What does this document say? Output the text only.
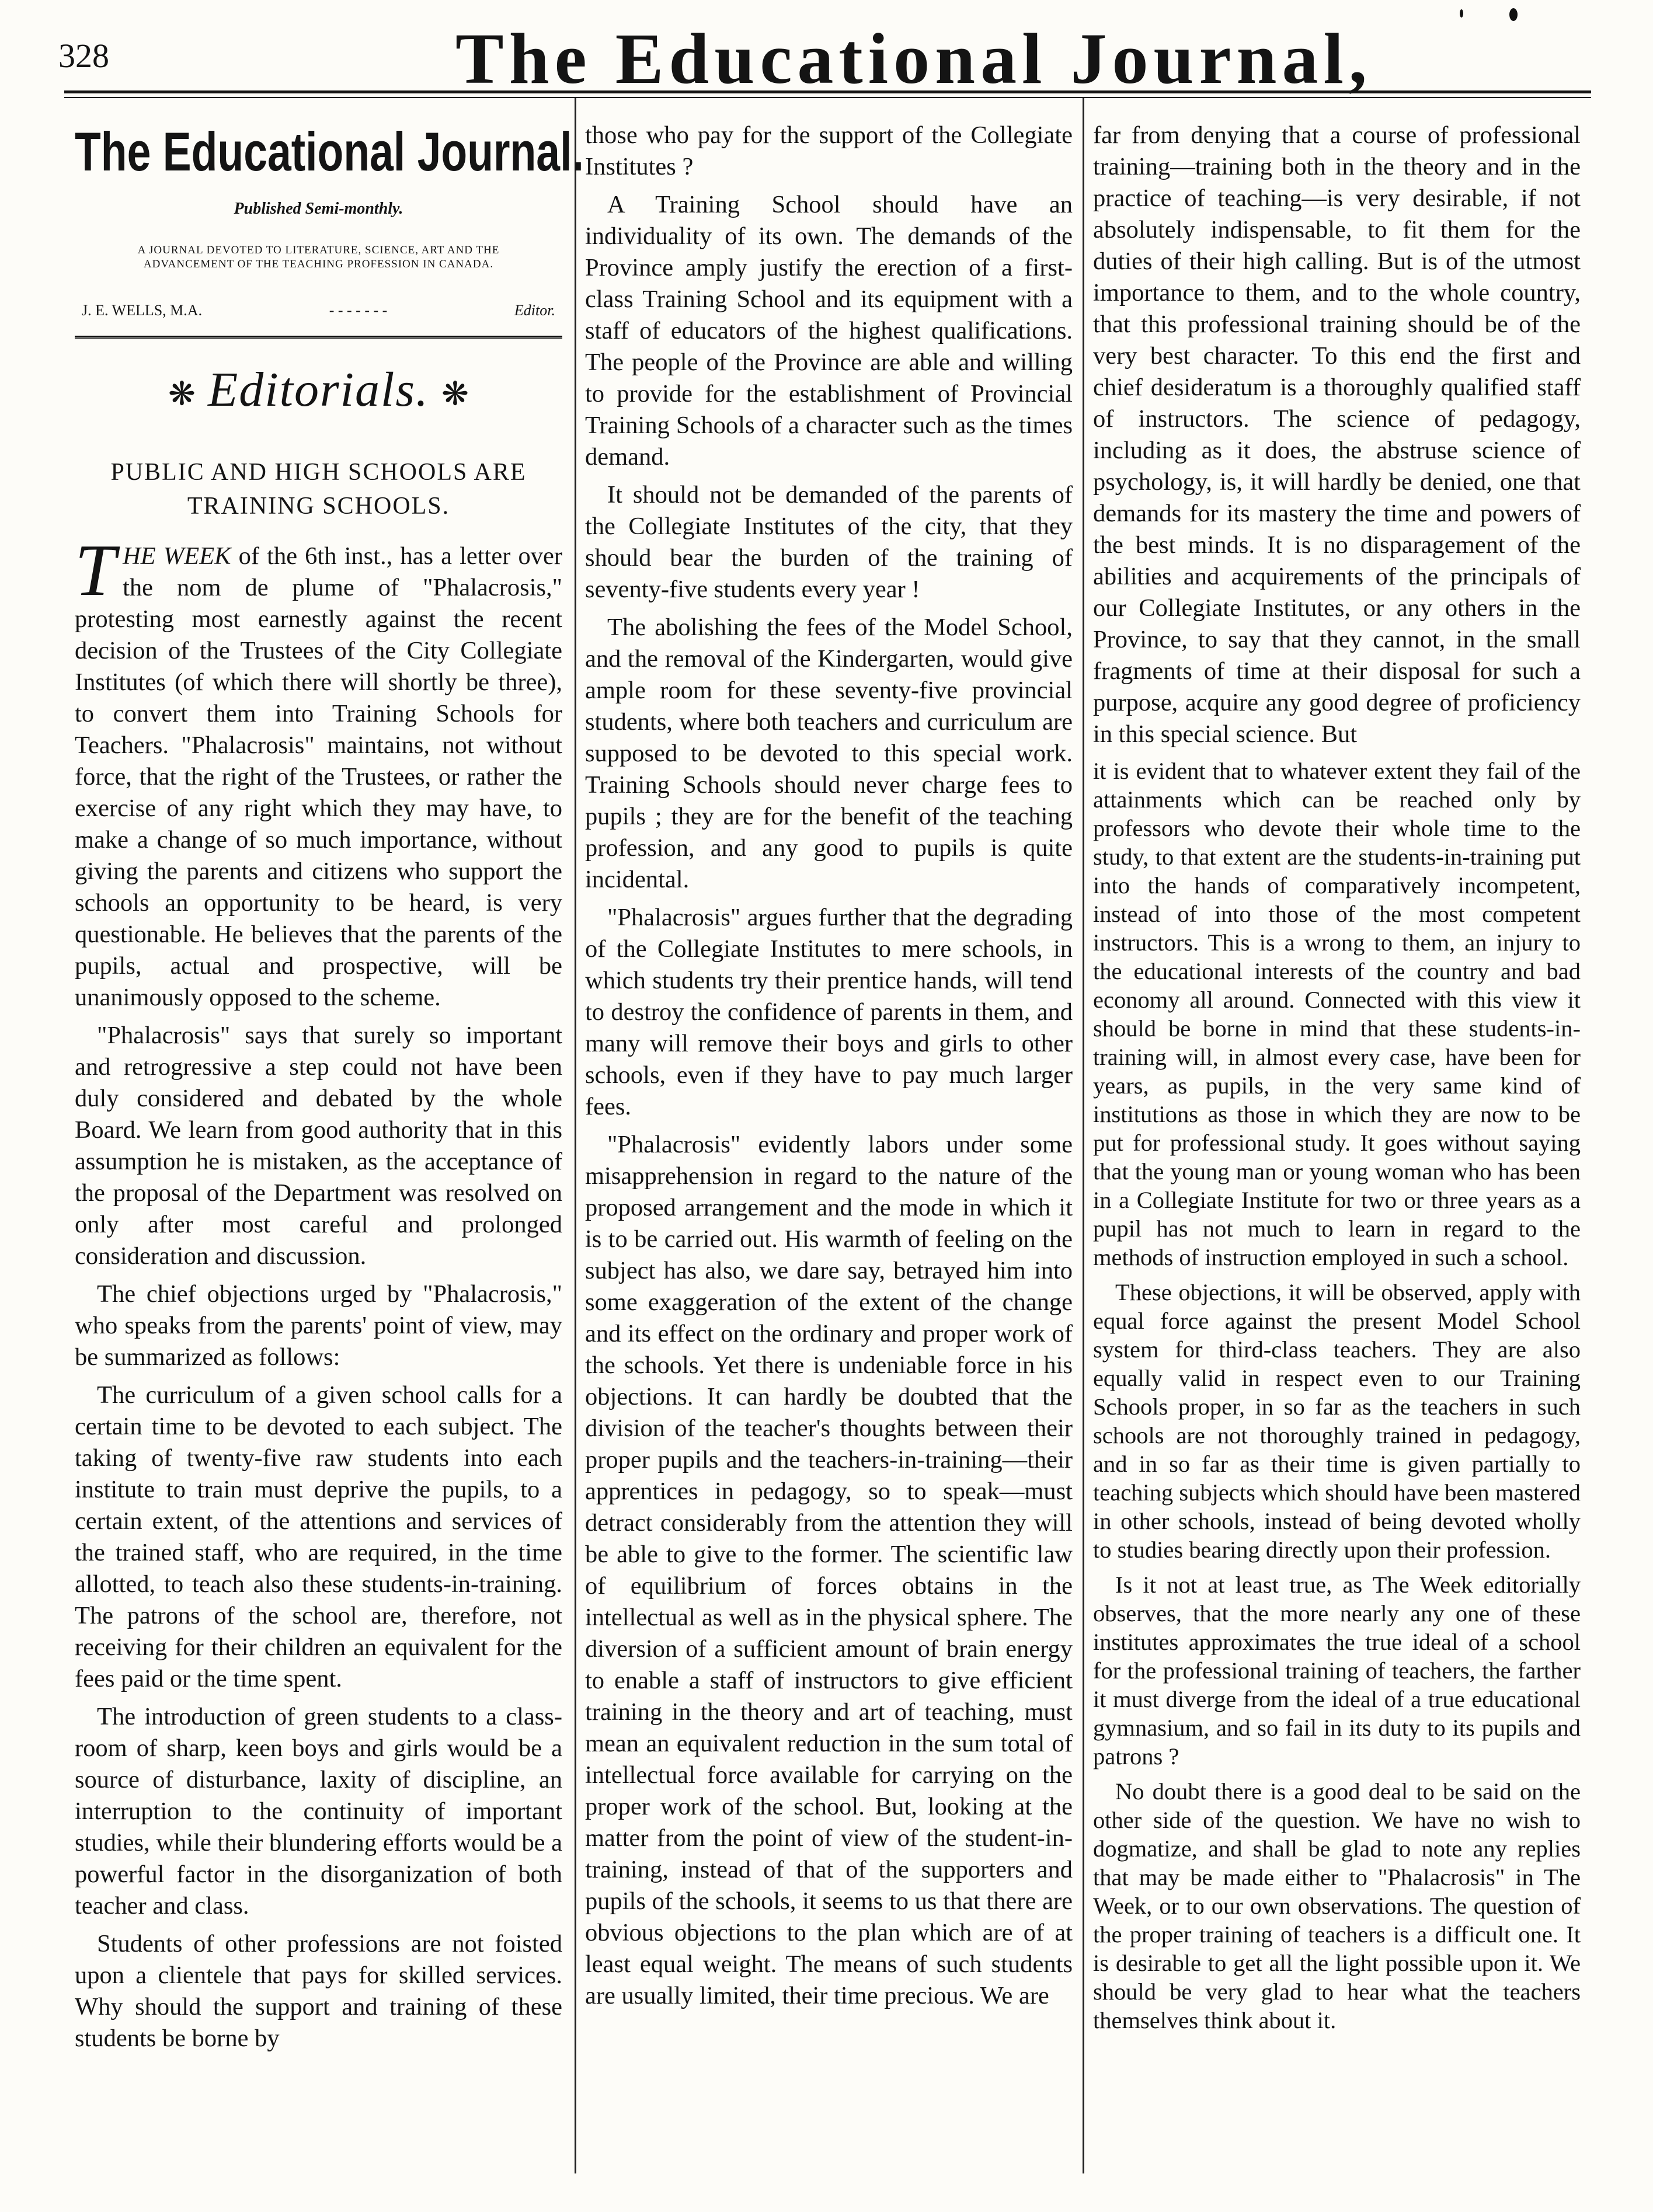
328	The Educational Journal,
The Educational Journal.
Published Semi-monthly.
A JOURNAL DEVOTED TO LITERATURE, SCIENCE, ART AND THE ADVANCEMENT OF THE TEACHING PROFESSION IN CANADA.
J. E. WELLS, M.A.	- - - - - - -	Editor.
❋ Editorials. ❋
PUBLIC AND HIGH SCHOOLS ARE TRAINING SCHOOLS.

THE WEEK of the 6th inst., has a letter over the nom de plume of "Phalacrosis," protesting most earnestly against the recent decision of the Trustees of the City Collegiate Institutes (of which there will shortly be three), to convert them into Training Schools for Teachers. "Phalacrosis" maintains, not without force, that the right of the Trustees, or rather the exercise of any right which they may have, to make a change of so much importance, without giving the parents and citizens who support the schools an opportunity to be heard, is very questionable. He believes that the parents of the pupils, actual and prospective, will be unanimously opposed to the scheme.

"Phalacrosis" says that surely so important and retrogressive a step could not have been duly considered and debated by the whole Board. We learn from good authority that in this assumption he is mistaken, as the acceptance of the proposal of the Department was resolved on only after most careful and prolonged consideration and discussion.

The chief objections urged by "Phalacrosis," who speaks from the parents' point of view, may be summarized as follows:

The curriculum of a given school calls for a certain time to be devoted to each subject. The taking of twenty-five raw students into each institute to train must deprive the pupils, to a certain extent, of the attentions and services of the trained staff, who are required, in the time allotted, to teach also these students-in-training. The patrons of the school are, therefore, not receiving for their children an equivalent for the fees paid or the time spent.

The introduction of green students to a class-room of sharp, keen boys and girls would be a source of disturbance, laxity of discipline, an interruption to the continuity of important studies, while their blundering efforts would be a powerful factor in the disorganization of both teacher and class.

Students of other professions are not foisted upon a clientele that pays for skilled services. Why should the support and training of these students be borne by

those who pay for the support of the Collegiate Institutes ?

A Training School should have an individuality of its own. The demands of the Province amply justify the erection of a first-class Training School and its equipment with a staff of educators of the highest qualifications. The people of the Province are able and willing to provide for the establishment of Provincial Training Schools of a character such as the times demand.

It should not be demanded of the parents of the Collegiate Institutes of the city, that they should bear the burden of the training of seventy-five students every year !

The abolishing the fees of the Model School, and the removal of the Kindergarten, would give ample room for these seventy-five provincial students, where both teachers and curriculum are supposed to be devoted to this special work. Training Schools should never charge fees to pupils ; they are for the benefit of the teaching profession, and any good to pupils is quite incidental.

"Phalacrosis" argues further that the degrading of the Collegiate Institutes to mere schools, in which students try their prentice hands, will tend to destroy the confidence of parents in them, and many will remove their boys and girls to other schools, even if they have to pay much larger fees.

"Phalacrosis" evidently labors under some misapprehension in regard to the nature of the proposed arrangement and the mode in which it is to be carried out. His warmth of feeling on the subject has also, we dare say, betrayed him into some exaggeration of the extent of the change and its effect on the ordinary and proper work of the schools. Yet there is undeniable force in his objections. It can hardly be doubted that the division of the teacher's thoughts between their proper pupils and the teachers-in-training—their apprentices in pedagogy, so to speak—must detract considerably from the attention they will be able to give to the former. The scientific law of equilibrium of forces obtains in the intellectual as well as in the physical sphere. The diversion of a sufficient amount of brain energy to enable a staff of instructors to give efficient training in the theory and art of teaching, must mean an equivalent reduction in the sum total of intellectual force available for carrying on the proper work of the school. But, looking at the matter from the point of view of the student-in-training, instead of that of the supporters and pupils of the schools, it seems to us that there are obvious objections to the plan which are of at least equal weight. The means of such students are usually limited, their time precious. We are

far from denying that a course of professional training—training both in the theory and in the practice of teaching—is very desirable, if not absolutely indispensable, to fit them for the duties of their high calling. But is of the utmost importance to them, and to the whole country, that this professional training should be of the very best character. To this end the first and chief desideratum is a thoroughly qualified staff of instructors. The science of pedagogy, including as it does, the abstruse science of psychology, is, it will hardly be denied, one that demands for its mastery the time and powers of the best minds. It is no disparagement of the abilities and acquirements of the principals of our Collegiate Institutes, or any others in the Province, to say that they cannot, in the small fragments of time at their disposal for such a purpose, acquire any good degree of proficiency in this special science. But

it is evident that to whatever extent they fail of the attainments which can be reached only by professors who devote their whole time to the study, to that extent are the students-in-training put into the hands of comparatively incompetent, instead of into those of the most competent instructors. This is a wrong to them, an injury to the educational interests of the country and bad economy all around. Connected with this view it should be borne in mind that these students-in-training will, in almost every case, have been for years, as pupils, in the very same kind of institutions as those in which they are now to be put for professional study. It goes without saying that the young man or young woman who has been in a Collegiate Institute for two or three years as a pupil has not much to learn in regard to the methods of instruction employed in such a school.

These objections, it will be observed, apply with equal force against the present Model School system for third-class teachers. They are also equally valid in respect even to our Training Schools proper, in so far as the teachers in such schools are not thoroughly trained in pedagogy, and in so far as their time is given partially to teaching subjects which should have been mastered in other schools, instead of being devoted wholly to studies bearing directly upon their profession.

Is it not at least true, as The Week editorially observes, that the more nearly any one of these institutes approximates the true ideal of a school for the professional training of teachers, the farther it must diverge from the ideal of a true educational gymnasium, and so fail in its duty to its pupils and patrons ?

No doubt there is a good deal to be said on the other side of the question. We have no wish to dogmatize, and shall be glad to note any replies that may be made either to "Phalacrosis" in The Week, or to our own observations. The question of the proper training of teachers is a difficult one. It is desirable to get all the light possible upon it. We should be very glad to hear what the teachers themselves think about it.
